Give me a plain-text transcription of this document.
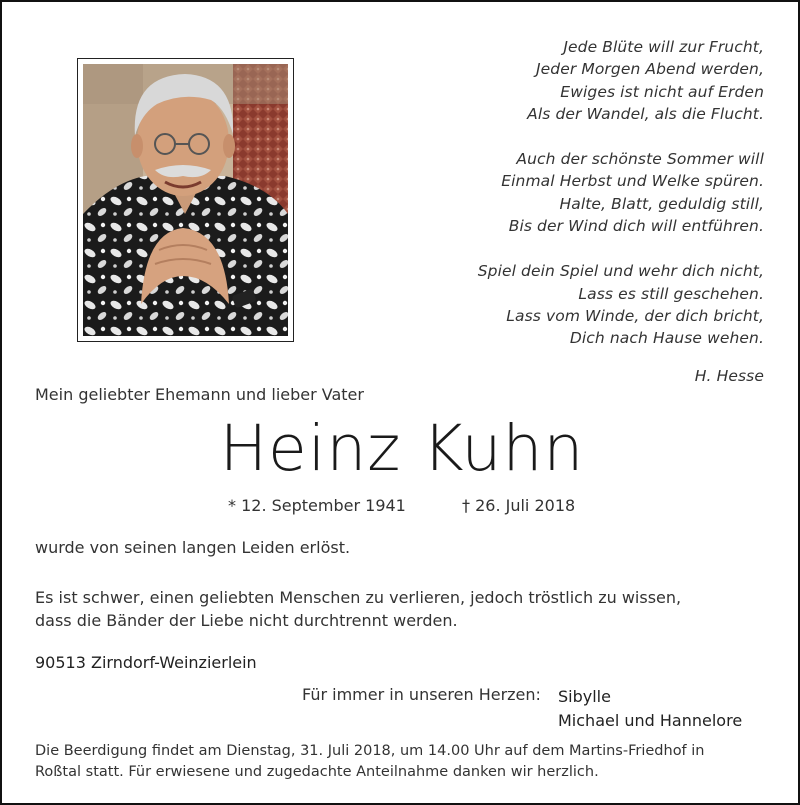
Jede Blüte will zur Frucht,
Jeder Morgen Abend werden,
Ewiges ist nicht auf Erden
Als der Wandel, als die Flucht.
Auch der schönste Sommer will
Einmal Herbst und Welke spüren.
Halte, Blatt, geduldig still,
Bis der Wind dich will entführen.
Spiel dein Spiel und wehr dich nicht,
Lass es still geschehen.
Lass vom Winde, der dich bricht,
Dich nach Hause wehen.
H. Hesse
Mein geliebter Ehemann und lieber Vater
Heinz Kuhn
* 12. September 1941	† 26. Juli 2018
wurde von seinen langen Leiden erlöst.
Es ist schwer, einen geliebten Menschen zu verlieren, jedoch tröstlich zu wissen,
dass die Bänder der Liebe nicht durchtrennt werden.
90513 Zirndorf-Weinzierlein
Für immer in unseren Herzen: Sibylle
Michael und Hannelore
Die Beerdigung findet am Dienstag, 31. Juli 2018, um 14.00 Uhr auf dem Martins-Friedhof in
Roßtal statt. Für erwiesene und zugedachte Anteilnahme danken wir herzlich.
